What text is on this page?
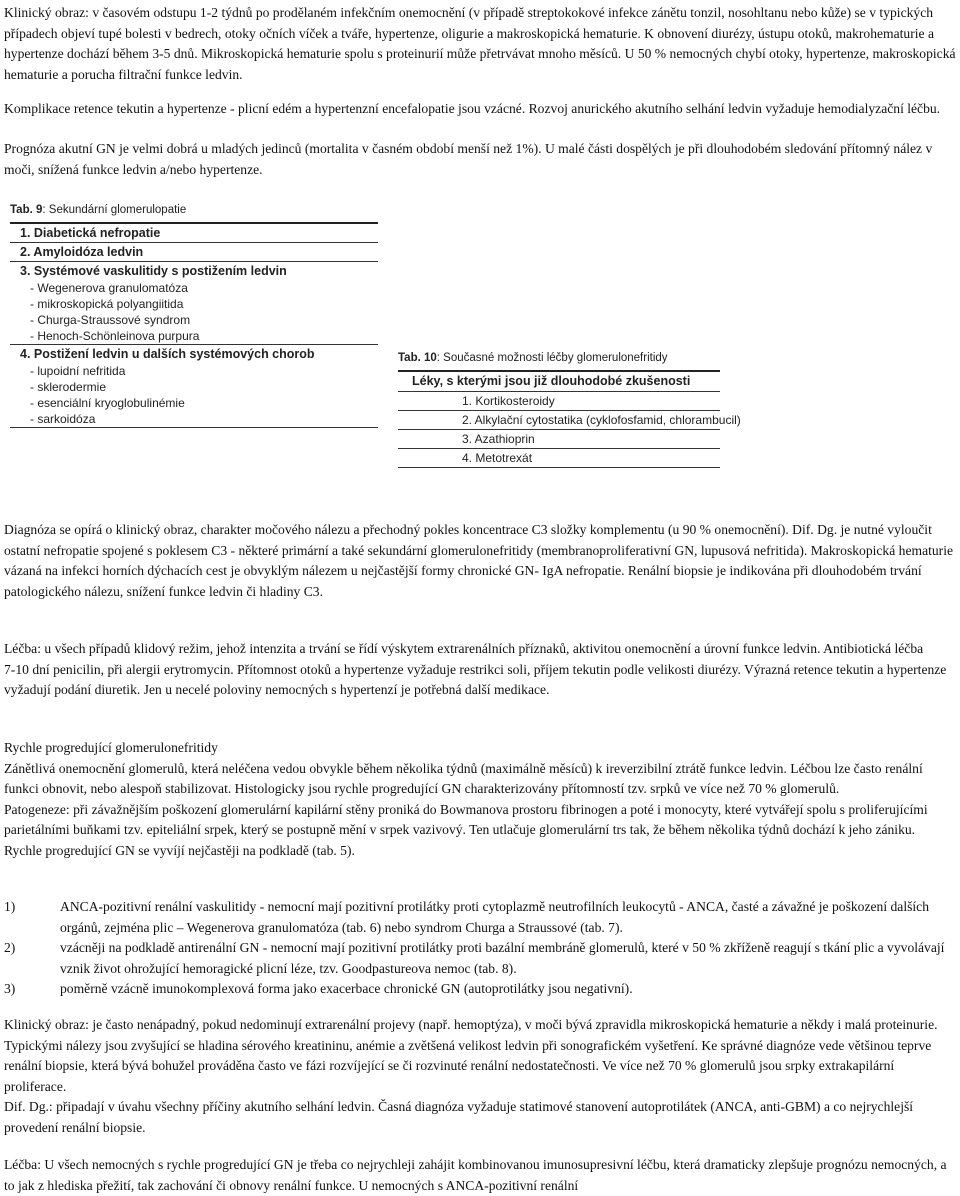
Klinický obraz: v časovém odstupu 1-2 týdnů po prodělaném infekčním onemocnění (v případě streptokokové infekce zánětu tonzil, nosohltanu nebo kůže) se v typických případech objeví tupé bolesti v bedrech, otoky očních víček a tváře, hypertenze, oligurie a makroskopická hematurie. K obnovení diurézy, ústupu otoků, makrohematurie a hypertenze dochází během 3-5 dnů. Mikroskopická hematurie spolu s proteinurií může přetrvávat mnoho měsíců. U 50 % nemocných chybí otoky, hypertenze, makroskopická hematurie a porucha filtrační funkce ledvin.

Komplikace retence tekutin a hypertenze - plicní edém a hypertenzní encefalopatie jsou vzácné. Rozvoj anurického akutního selhání ledvin vyžaduje hemodialyzační léčbu.

Prognóza akutní GN je velmi dobrá u mladých jedinců (mortalita v časném období menší než 1%). U malé části dospělých je při dlouhodobém sledování přítomný nález v moči, snížená funkce ledvin a/nebo hypertenze.

Tab. 9: Sekundární glomerulopatie
1. Diabetická nefropatie
2. Amyloidóza ledvin
3. Systémové vaskulitidy s postižením ledvin
- Wegenerova granulomatóza
- mikroskopická polyangiitida
- Churga-Straussové syndrom
- Henoch-Schönleinova purpura
4. Postižení ledvin u dalších systémových chorob
- lupoidní nefritida
- sklerodermie
- esenciální kryoglobulinémie
- sarkoidóza
Tab. 10: Současné možnosti léčby glomerulonefritidy
Léky, s kterými jsou již dlouhodobé zkušenosti
1. Kortikosteroidy
2. Alkylační cytostatika (cyklofosfamid, chlorambucil)
3. Azathioprin
4. Metotrexát

Diagnóza se opírá o klinický obraz, charakter močového nálezu a přechodný pokles koncentrace C3 složky komplementu (u 90 % onemocnění). Dif. Dg. je nutné vyloučit ostatní nefropatie spojené s poklesem C3 - některé primární a také sekundární glomerulonefritidy (membranoproliferativní GN, lupusová nefritida). Makroskopická hematurie vázaná na infekci horních dýchacích cest je obvyklým nálezem u nejčastější formy chronické GN- IgA nefropatie. Renální biopsie je indikována při dlouhodobém trvání patologického nálezu, snížení funkce ledvin či hladiny C3.

Léčba: u všech případů klidový režim, jehož intenzita a trvání se řídí výskytem extrarenálních příznaků, aktivitou onemocnění a úrovní funkce ledvin. Antibiotická léčba

7-10 dní penicilin, při alergii erytromycin. Přítomnost otoků a hypertenze vyžaduje restrikci soli, příjem tekutin podle velikosti diurézy. Výrazná retence tekutin a hypertenze vyžadují podání diuretik. Jen u necelé poloviny nemocných s hypertenzí je potřebná další medikace.

Rychle progredující glomerulonefritidy

Zánětlivá onemocnění glomerulů, která neléčena vedou obvykle během několika týdnů (maximálně měsíců) k ireverzibilní ztrátě funkce ledvin. Léčbou lze často renální funkci obnovit, nebo alespoň stabilizovat. Histologicky jsou rychle progredující GN charakterizovány přítomností tzv. srpků ve více než 70 % glomerulů.

Patogeneze: při závažnějším poškození glomerulární kapilární stěny proniká do Bowmanova prostoru fibrinogen a poté i monocyty, které vytvářejí spolu s proliferujícími parietálními buňkami tzv. epiteliální srpek, který se postupně mění v srpek vazivový. Ten utlačuje glomerulární trs tak, že během několika týdnů dochází k jeho zániku. Rychle progredující GN se vyvíjí nejčastěji na podkladě (tab. 5).

1)	ANCA-pozitivní renální vaskulitidy - nemocní mají pozitivní protilátky proti cytoplazmě neutrofilních leukocytů - ANCA, časté a závažné je poškození dalších orgánů, zejména plic – Wegenerova granulomatóza (tab. 6) nebo syndrom Churga a Straussové (tab. 7).
2)	vzácněji na podkladě antirenální GN - nemocní mají pozitivní protilátky proti bazální membráně glomerulů, které v 50 % zkříženě reagují s tkání plic a vyvolávají vznik život ohrožující hemoragické plicní léze, tzv. Goodpastureova nemoc (tab. 8).
3)	poměrně vzácně imunokomplexová forma jako exacerbace chronické GN (autoprotilátky jsou negativní).

Klinický obraz: je často nenápadný, pokud nedominují extrarenální projevy (např. hemoptýza), v moči bývá zpravidla mikroskopická hematurie a někdy i malá proteinurie. Typickými nálezy jsou zvyšující se hladina sérového kreatininu, anémie a zvětšená velikost ledvin při sonografickém vyšetření. Ke správné diagnóze vede většinou teprve renální biopsie, která bývá bohužel prováděna často ve fázi rozvíjející se či rozvinuté renální nedostatečnosti. Ve více než 70 % glomerulů jsou srpky extrakapilární proliferace.

Dif. Dg.: připadají v úvahu všechny příčiny akutního selhání ledvin. Časná diagnóza vyžaduje statimové stanovení autoprotilátek (ANCA, anti-GBM) a co nejrychlejší provedení renální biopsie.

Léčba: U všech nemocných s rychle progredující GN je třeba co nejrychleji zahájit kombinovanou imunosupresivní léčbu, která dramaticky zlepšuje prognózu nemocných, a to jak z hlediska přežití, tak zachování či obnovy renální funkce. U nemocných s ANCA-pozitivní renální
